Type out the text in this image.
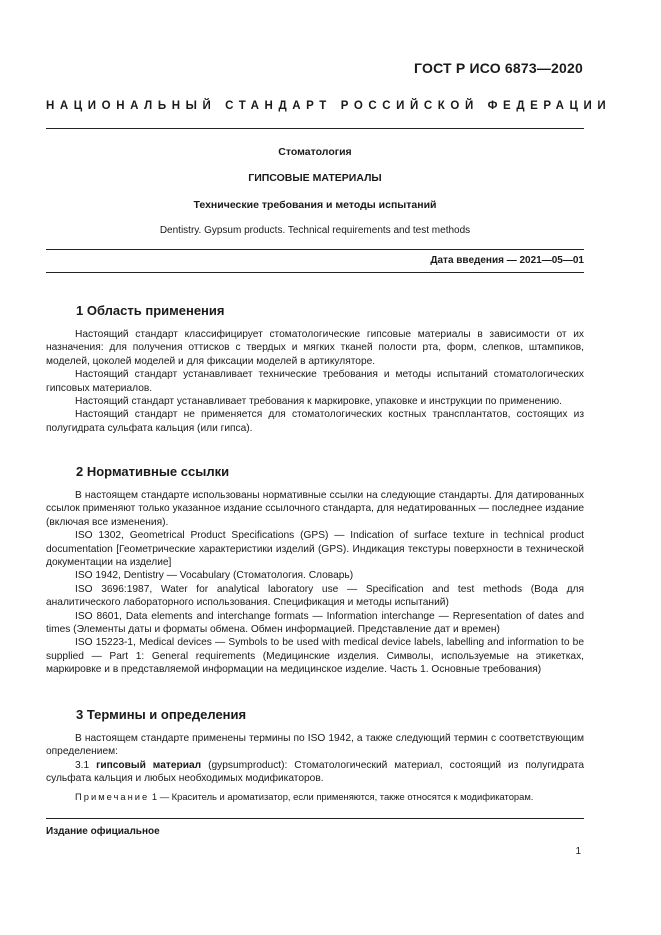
ГОСТ Р ИСО 6873—2020
НАЦИОНАЛЬНЫЙ СТАНДАРТ РОССИЙСКОЙ ФЕДЕРАЦИИ
Стоматология
ГИПСОВЫЕ МАТЕРИАЛЫ
Технические требования и методы испытаний
Dentistry. Gypsum products. Technical requirements and test methods
Дата введения — 2021—05—01
1 Область применения

Настоящий стандарт классифицирует стоматологические гипсовые материалы в зависимости от их назначения: для получения оттисков с твердых и мягких тканей полости рта, форм, слепков, штампиков, моделей, цоколей моделей и для фиксации моделей в артикуляторе.

Настоящий стандарт устанавливает технические требования и методы испытаний стоматологических гипсовых материалов.

Настоящий стандарт устанавливает требования к маркировке, упаковке и инструкции по применению.

Настоящий стандарт не применяется для стоматологических костных трансплантатов, состоящих из полугидрата сульфата кальция (или гипса).

2 Нормативные ссылки

В настоящем стандарте использованы нормативные ссылки на следующие стандарты. Для датированных ссылок применяют только указанное издание ссылочного стандарта, для недатированных — последнее издание (включая все изменения).

ISO 1302, Geometrical Product Specifications (GPS) — Indication of surface texture in technical product documentation [Геометрические характеристики изделий (GPS). Индикация текстуры поверхности в технической документации на изделие]

ISO 1942, Dentistry — Vocabulary (Стоматология. Словарь)

ISO 3696:1987, Water for analytical laboratory use — Specification and test methods (Вода для аналитического лабораторного использования. Спецификация и методы испытаний)

ISO 8601, Data elements and interchange formats — Information interchange — Representation of dates and times (Элементы даты и форматы обмена. Обмен информацией. Представление дат и времен)

ISO 15223-1, Medical devices — Symbols to be used with medical device labels, labelling and information to be supplied — Part 1: General requirements (Медицинские изделия. Символы, используемые на этикетках, маркировке и в представляемой информации на медицинское изделие. Часть 1. Основные требования)

3 Термины и определения

В настоящем стандарте применены термины по ISO 1942, а также следующий термин с соответствующим определением:

3.1 гипсовый материал (gypsumproduct): Стоматологический материал, состоящий из полугидрата сульфата кальция и любых необходимых модификаторов.

Примечание 1 — Краситель и ароматизатор, если применяются, также относятся к модификаторам.

Издание официальное
1
